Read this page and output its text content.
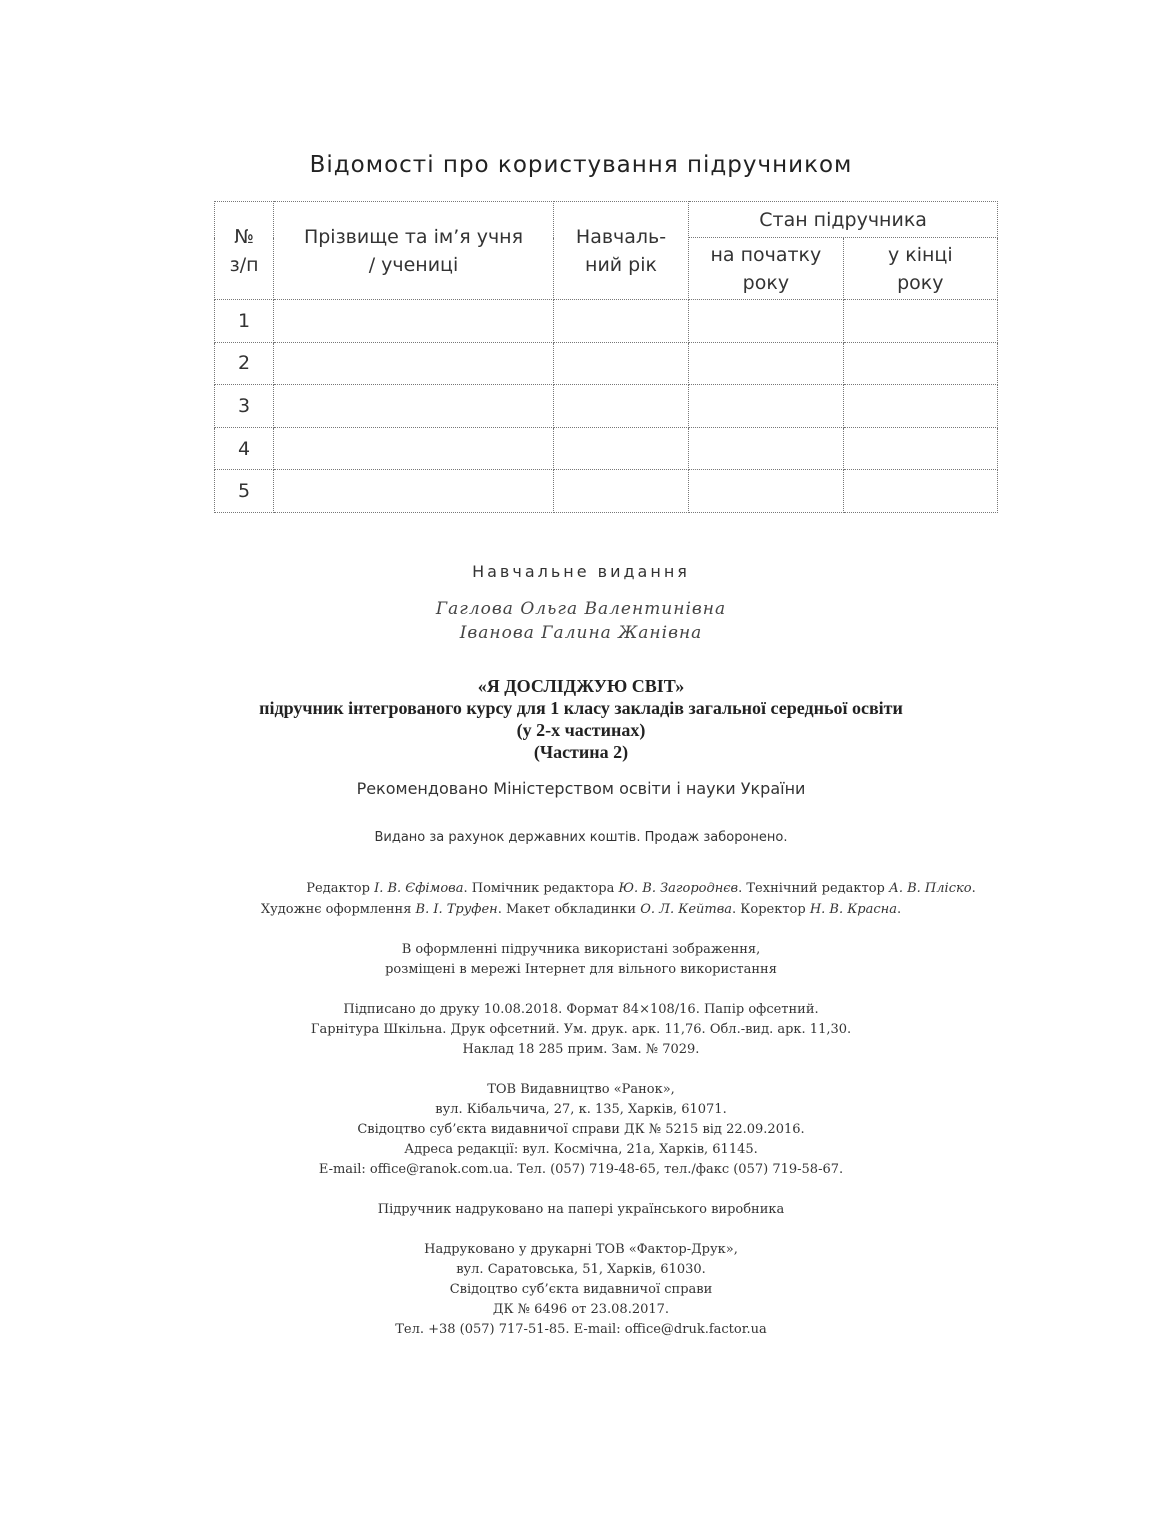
Відомості про користування підручником
№ з/п	Прізвище та ім’я учня / учениці	Навчаль-ний рік	Стан підручника	
			на початку року	у кінці року
1				
2				
3				
4				
5				

Навчальне видання

Гаглова Ольга Валентинівна
Іванова Галина Жанівна
«Я ДОСЛІДЖУЮ СВІТ»
підручник інтегрованого курсу для 1 класу закладів загальної середньої освіти
(у 2-х частинах)
(Частина 2)
Рекомендовано Міністерством освіти і науки України
Видано за рахунок державних коштів. Продаж заборонено.
Редактор І. В. Єфімова. Помічник редактора Ю. В. Загороднєв. Технічний редактор А. В. Пліско.
Художнє оформлення В. І. Труфен. Макет обкладинки О. Л. Кейтва. Коректор Н. В. Красна.
В оформленні підручника використані зображення,
розміщені в мережі Інтернет для вільного використання
Підписано до друку 10.08.2018. Формат 84×108/16. Папір офсетний.
Гарнітура Шкільна. Друк офсетний. Ум. друк. арк. 11,76. Обл.-вид. арк. 11,30.
Наклад 18 285 прим. Зам. № 7029.
ТОВ Видавництво «Ранок»,
вул. Кібальчича, 27, к. 135, Харків, 61071.
Свідоцтво суб’єкта видавничої справи ДК № 5215 від 22.09.2016.
Адреса редакції: вул. Космічна, 21а, Харків, 61145.
E-mail: office@ranok.com.ua. Тел. (057) 719-48-65, тел./факс (057) 719-58-67.
Підручник надруковано на папері українського виробника
Надруковано у друкарні ТОВ «Фактор-Друк»,
вул. Саратовська, 51, Харків, 61030.
Свідоцтво суб’єкта видавничої справи
ДК № 6496 от 23.08.2017.
Тел. +38 (057) 717-51-85. E-mail: office@druk.factor.ua
